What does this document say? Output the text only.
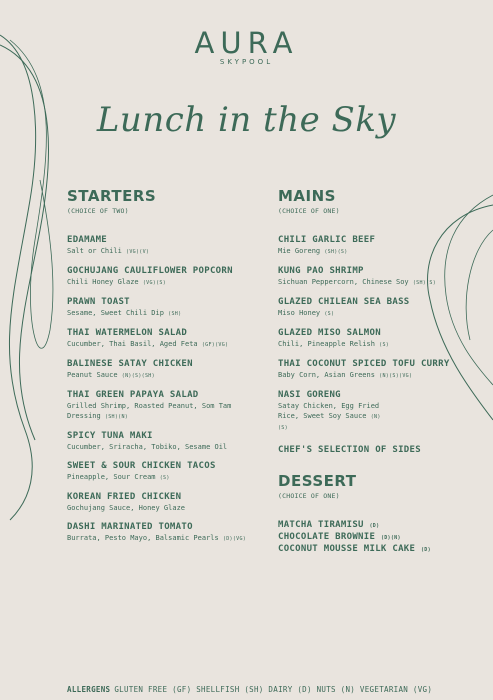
AURA
SKYPOOL
Lunch in the Sky
STARTERS
(CHOICE OF TWO)
EDAMAME
Salt or Chili (VG)(V)
GOCHUJANG CAULIFLOWER POPCORN
Chili Honey Glaze (VG)(S)
PRAWN TOAST
Sesame, Sweet Chili Dip (SH)
THAI WATERMELON SALAD
Cucumber, Thai Basil, Aged Feta (GF)(VG)
BALINESE SATAY CHICKEN
Peanut Sauce (N)(S)(SH)
THAI GREEN PAPAYA SALAD
Grilled Shrimp, Roasted Peanut, Som Tam Dressing (SH)(N)
SPICY TUNA MAKI
Cucumber, Sriracha, Tobiko, Sesame Oil
SWEET & SOUR CHICKEN TACOS
Pineapple, Sour Cream (S)
KOREAN FRIED CHICKEN
Gochujang Sauce, Honey Glaze
DASHI MARINATED TOMATO
Burrata, Pesto Mayo, Balsamic Pearls (D)(VG)
MAINS
(CHOICE OF ONE)
CHILI GARLIC BEEF
Mie Goreng (SH)(S)
KUNG PAO SHRIMP
Sichuan Peppercorn, Chinese Soy (SH)(S)
GLAZED CHILEAN SEA BASS
Miso Honey (S)
GLAZED MISO SALMON
Chili, Pineapple Relish (S)
THAI COCONUT SPICED TOFU CURRY
Baby Corn, Asian Greens (N)(S)(VG)
NASI GORENG
Satay Chicken, Egg Fried Rice, Sweet Soy Sauce (N)(S)
CHEF'S SELECTION OF SIDES
DESSERT
(CHOICE OF ONE)
MATCHA TIRAMISU (D)
CHOCOLATE BROWNIE (D)(N)
COCONUT MOUSSE MILK CAKE (D)
ALLERGENS GLUTEN FREE (GF) SHELLFISH (SH) DAIRY (D) NUTS (N) VEGETARIAN (VG)
